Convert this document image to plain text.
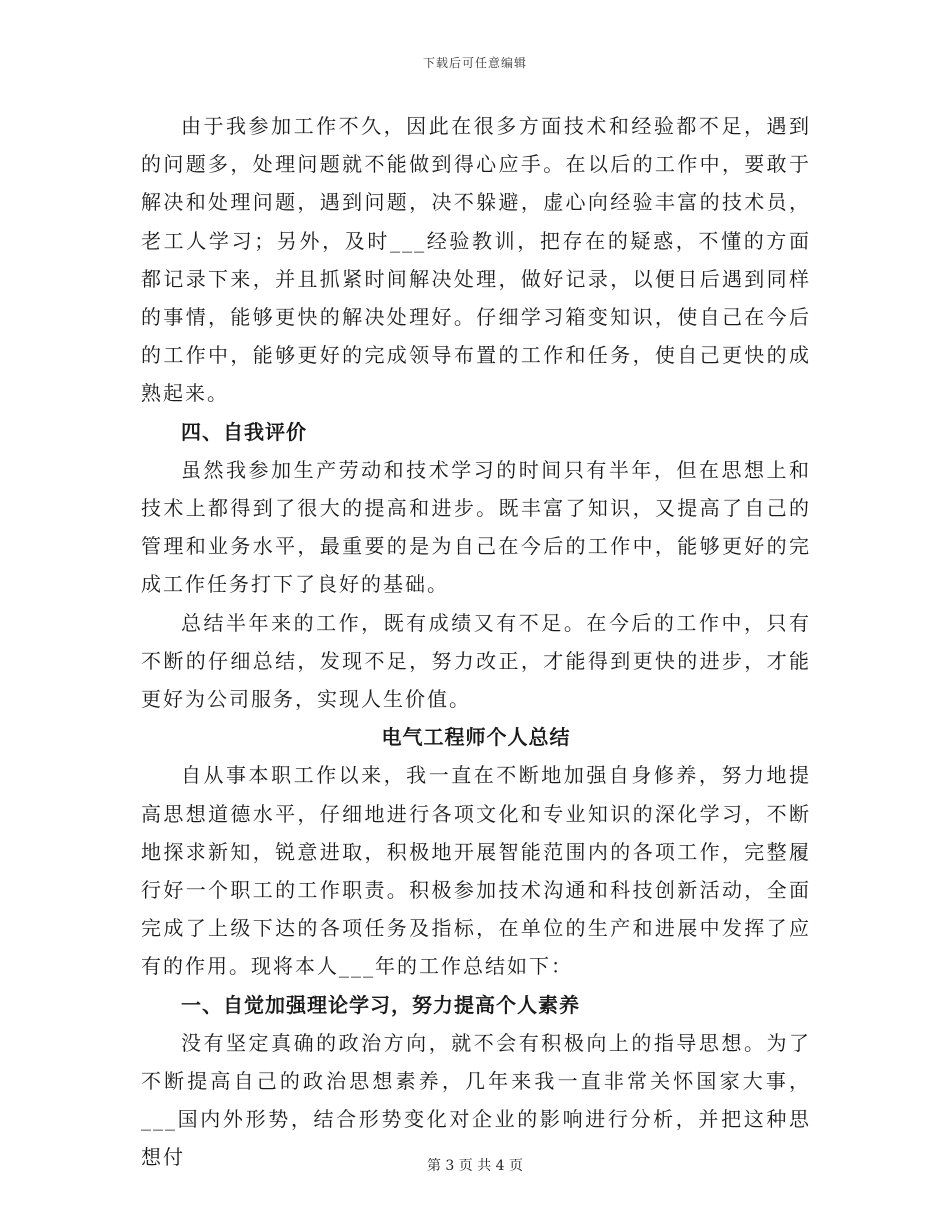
下载后可任意编辑

由于我参加工作不久，因此在很多方面技术和经验都不足，遇到的问题多，处理问题就不能做到得心应手。在以后的工作中，要敢于解决和处理问题，遇到问题，决不躲避，虚心向经验丰富的技术员，老工人学习；另外，及时___经验教训，把存在的疑惑，不懂的方面都记录下来，并且抓紧时间解决处理，做好记录，以便日后遇到同样的事情，能够更快的解决处理好。仔细学习箱变知识，使自己在今后的工作中，能够更好的完成领导布置的工作和任务，使自己更快的成熟起来。

四、自我评价

虽然我参加生产劳动和技术学习的时间只有半年，但在思想上和技术上都得到了很大的提高和进步。既丰富了知识，又提高了自己的管理和业务水平，最重要的是为自己在今后的工作中，能够更好的完成工作任务打下了良好的基础。

总结半年来的工作，既有成绩又有不足。在今后的工作中，只有不断的仔细总结，发现不足，努力改正，才能得到更快的进步，才能更好为公司服务，实现人生价值。

电气工程师个人总结

自从事本职工作以来，我一直在不断地加强自身修养，努力地提高思想道德水平，仔细地进行各项文化和专业知识的深化学习，不断地探求新知，锐意进取，积极地开展智能范围内的各项工作，完整履行好一个职工的工作职责。积极参加技术沟通和科技创新活动，全面完成了上级下达的各项任务及指标，在单位的生产和进展中发挥了应有的作用。现将本人___年的工作总结如下：

一、自觉加强理论学习，努力提高个人素养

没有坚定真确的政治方向，就不会有积极向上的指导思想。为了不断提高自己的政治思想素养，几年来我一直非常关怀国家大事，___国内外形势，结合形势变化对企业的影响进行分析，并把这种思想付	第 3 页 共 4 页
